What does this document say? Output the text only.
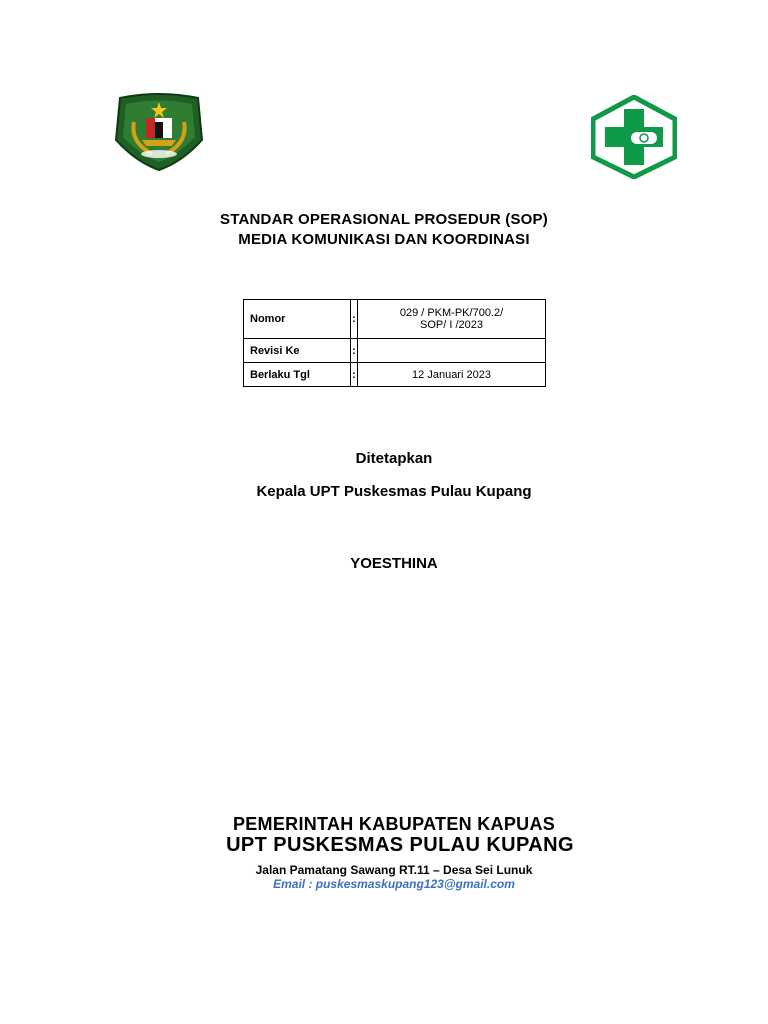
STANDAR OPERASIONAL PROSEDUR (SOP)
MEDIA KOMUNIKASI DAN KOORDINASI
Nomor	:	029 / PKM-PK/700.2/
SOP/ I /2023

Revisi Ke	:	
Berlaku Tgl	:	12 Januari 2023
Ditetapkan
Kepala UPT Puskesmas Pulau Kupang
YOESTHINA
PEMERINTAH KABUPATEN KAPUAS
UPT PUSKESMAS PULAU KUPANG
Jalan Pamatang Sawang RT.11 – Desa Sei Lunuk
Email : puskesmaskupang123@gmail.com
